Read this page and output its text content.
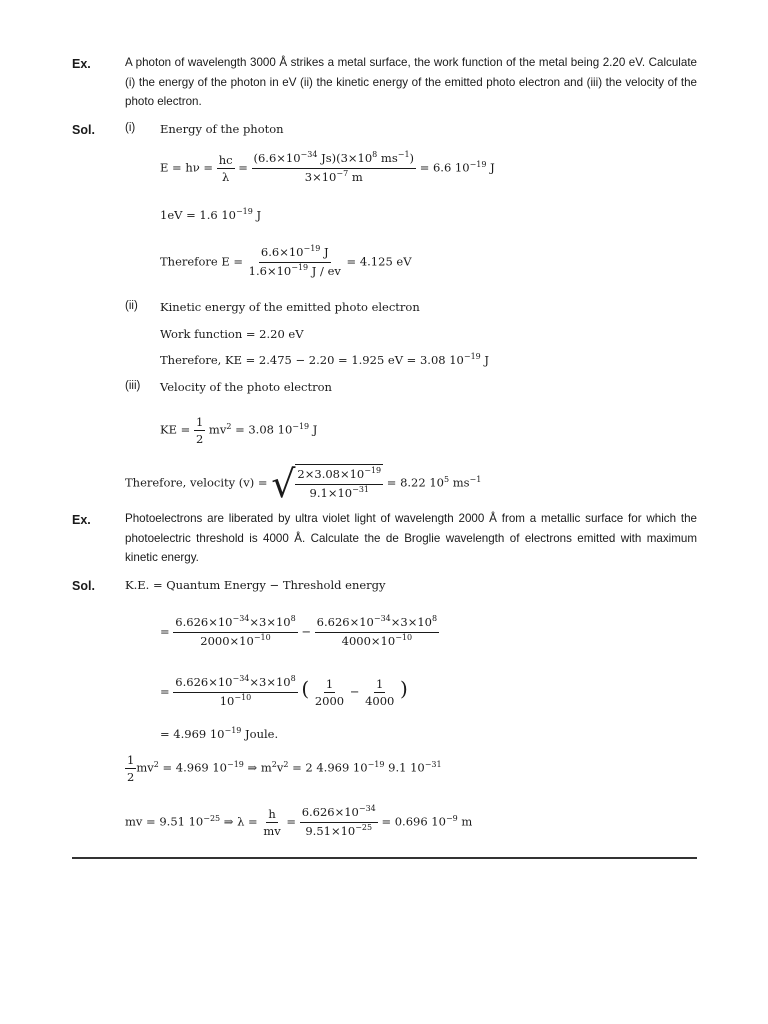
Ex.	A photon of wavelength 3000 Å strikes a metal surface, the work function of the metal being 2.20 eV. Calculate (i) the energy of the photon in eV (ii) the kinetic energy of the emitted photo electron and (iii) the velocity of the photo electron.
Sol.	(i) Energy of the photon
$E = h\nu = \frac{hc}{\lambda} = \frac{(6.6\times 10^{-34} Js)(3\times 10^8 ms^{-1})}{3\times 10^{-7} m} = 6.6$ $10^{-19}$ J
1eV = 1.6 $10^{-19}$ J
Therefore $E = \frac{6.6\times 10^{-19} J}{1.6\times 10^{-19} J / ev} = 4.125$ eV
(ii) Kinetic energy of the emitted photo electron
Work function = 2.20 eV
Therefore, KE = 2.475 − 2.20 = 1.925 eV = 3.08 $10^{-19}$ J
(iii) Velocity of the photo electron
KE = $\frac{1}{2} mv^2 = 3.08$ $10^{-19}$ J
Therefore, velocity (v) = √ $\frac{2\times 3.08\times 10^{-19}}{9.1\times 10^{-31}} = 8.22$ $10^5$ $ms^{-1}$
Ex.	Photoelectrons are liberated by ultra violet light of wavelength 2000 Å from a metallic surface for which the photoelectric threshold is 4000 Å. Calculate the de Broglie wavelength of electrons emitted with maximum kinetic energy.
Sol.	K.E. = Quantum Energy − Threshold energy
= $\frac{6.626\times 10^{-34}\times 3\times 10^8}{2000\times 10^{-10}} - \frac{6.626\times 10^{-34}\times 3\times 10^8}{4000\times 10^{-10}}$
= $\frac{6.626\times 10^{-34}\times 3\times 10^8}{10^{-10}}$ ( $\frac{1}{2000} - \frac{1}{4000}$ )
= 4.969 $10^{-19}$ Joule.
$\frac{1}{2} mv^2 = 4.969$ $10^{-19}$ ⇒ $m^2v^2 = 2$ 4.969 $10^{-19}$ 9.1 $10^{-31}$
mv = 9.51 $10^{-25}$ ⇒ $\lambda = \frac{h}{mv} = \frac{6.626\times 10^{-34}}{9.51\times 10^{-25}} = 0.696$ $10^{-9}$ m
